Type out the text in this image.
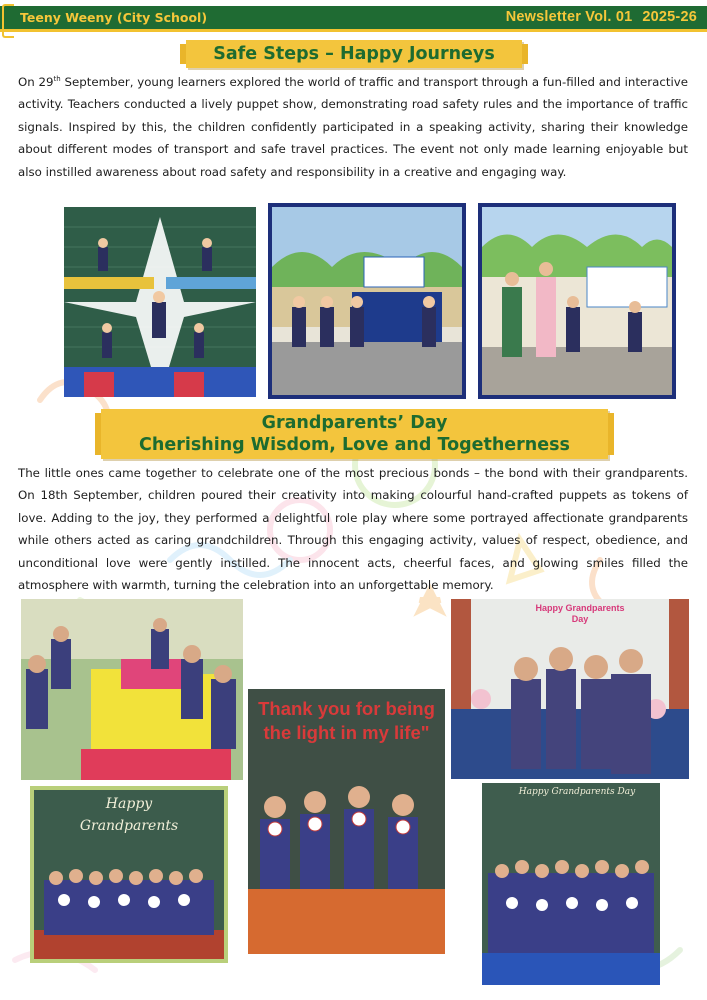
Teeny Weeny (City School)	Newsletter Vol. 01 2025-26
Safe Steps – Happy Journeys

On 29th September, young learners explored the world of traffic and transport through a fun-filled and interactive activity. Teachers conducted a lively puppet show, demonstrating road safety rules and the importance of traffic signals. Inspired by this, the children confidently participated in a speaking activity, sharing their knowledge about different modes of transport and safe travel practices. The event not only made learning enjoyable but also instilled awareness about road safety and responsibility in a creative and engaging way.

Grandparents’ Day
Cherishing Wisdom, Love and Togetherness

The little ones came together to celebrate one of the most precious bonds – the bond with their grandparents. On 18th September, children poured their creativity into making colourful hand-crafted puppets as tokens of love. Adding to the joy, they performed a delightful role play where some portrayed affectionate grandparents while others acted as caring grandchildren. Through this engaging activity, values of respect, obedience, and unconditional love were gently instilled. The innocent acts, cheerful faces, and glowing smiles filled the atmosphere with warmth, turning the celebration into an unforgettable memory.

Thank you for being the light in my life"
Happy Grandparents Day
Happy
Grandparents
Happy Grandparents Day
